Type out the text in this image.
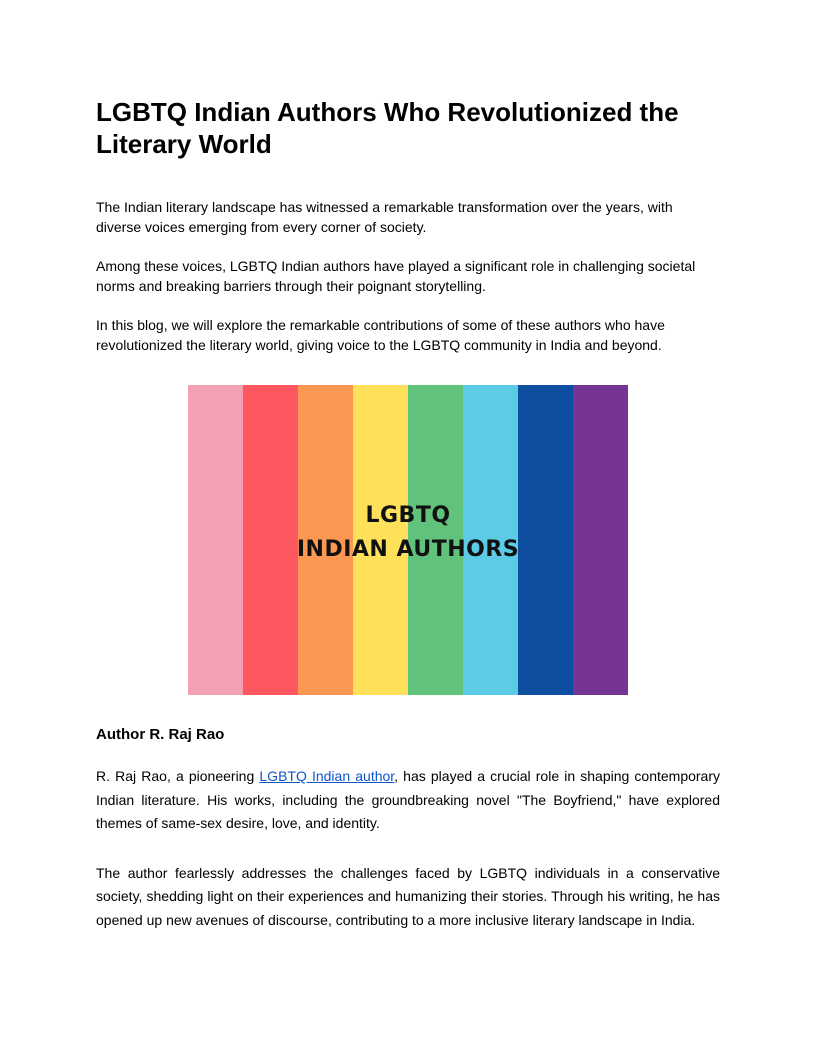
LGBTQ Indian Authors Who Revolutionized the Literary World

The Indian literary landscape has witnessed a remarkable transformation over the years, with diverse voices emerging from every corner of society.

Among these voices, LGBTQ Indian authors have played a significant role in challenging societal norms and breaking barriers through their poignant storytelling.

In this blog, we will explore the remarkable contributions of some of these authors who have revolutionized the literary world, giving voice to the LGBTQ community in India and beyond.

LGBTQ
INDIAN AUTHORS
Author R. Raj Rao

R. Raj Rao, a pioneering LGBTQ Indian author, has played a crucial role in shaping contemporary Indian literature. His works, including the groundbreaking novel "The Boyfriend," have explored themes of same-sex desire, love, and identity.

The author fearlessly addresses the challenges faced by LGBTQ individuals in a conservative society, shedding light on their experiences and humanizing their stories. Through his writing, he has opened up new avenues of discourse, contributing to a more inclusive literary landscape in India.
